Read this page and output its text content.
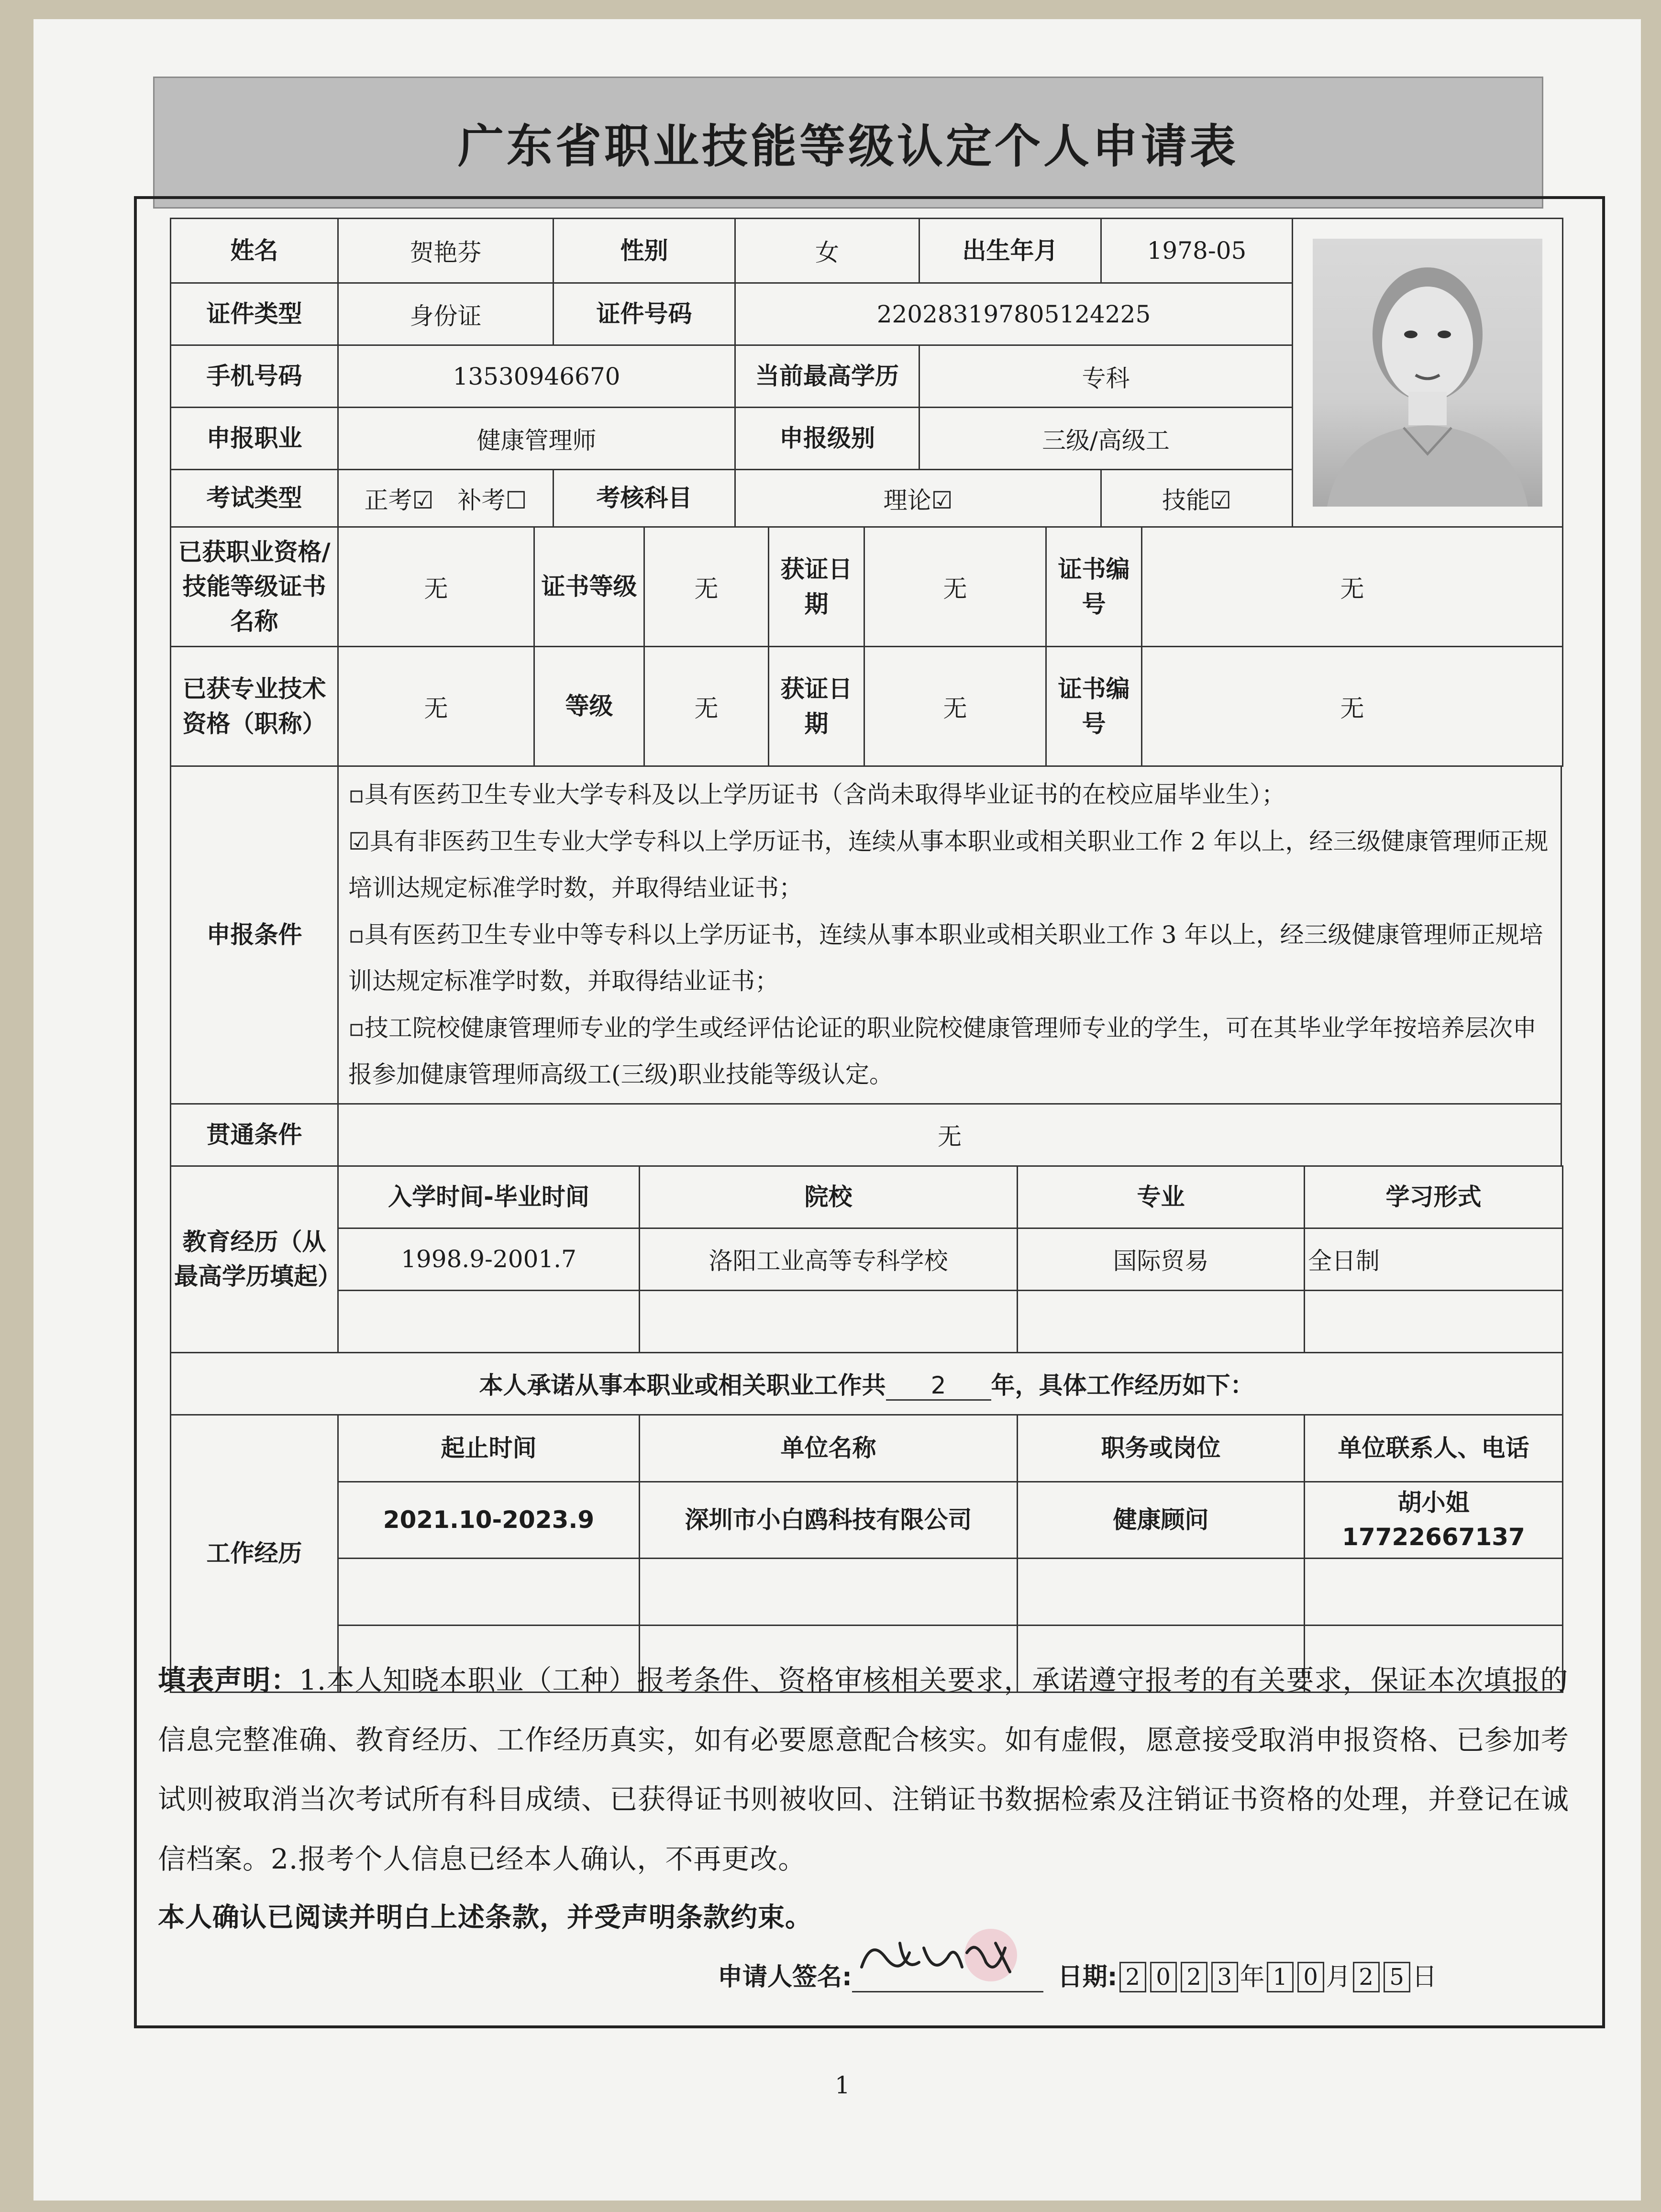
广东省职业技能等级认定个人申请表
姓名	贺艳芬	性别	女	出生年月	1978-05	

证件类型	身份证	证件号码	220283197805124225			
手机号码	13530946670		当前最高学历	专科		
申报职业	健康管理师		申报级别	三级/高级工		
考试类型	正考☑　补考☐	考核科目	理论☑		技能☑	
已获职业资格/技能等级证书名称	无	证书等级	无	获证日期	无	证书编号	无
已获专业技术资格（职称）	无	等级	无	获证日期	无	证书编号	无
申报条件	▫具有医药卫生专业大学专科及以上学历证书（含尚未取得毕业证书的在校应届毕业生）；
☑具有非医药卫生专业大学专科以上学历证书，连续从事本职业或相关职业工作 2 年以上，经三级健康管理师正规培训达规定标准学时数，并取得结业证书；
▫具有医药卫生专业中等专科以上学历证书，连续从事本职业或相关职业工作 3 年以上，经三级健康管理师正规培训达规定标准学时数，并取得结业证书；
▫技工院校健康管理师专业的学生或经评估论证的职业院校健康管理师专业的学生，可在其毕业学年按培养层次申报参加健康管理师高级工(三级)职业技能等级认定。

贯通条件	无
教育经历（从最高学历填起）	入学时间-毕业时间	院校	专业	学习形式
	1998.9-2001.7	洛阳工业高等专科学校	国际贸易	全日制

本人承诺从事本职业或相关职业工作共 2 年，具体工作经历如下：				
工作经历	起止时间	单位名称	职务或岗位	单位联系人、电话
	2021.10-2023.9	深圳市小白鸥科技有限公司	健康顾问	胡小姐 17722667137

填表声明：1.本人知晓本职业（工种）报考条件、资格审核相关要求，承诺遵守报考的有关要求，保证本次填报的信息完整准确、教育经历、工作经历真实，如有必要愿意配合核实。如有虚假，愿意接受取消申报资格、已参加考试则被取消当次考试所有科目成绩、已获得证书则被收回、注销证书数据检索及注销证书资格的处理，并登记在诚信档案。2.报考个人信息已经本人确认，不再更改。
本人确认已阅读并明白上述条款，并受声明条款约束。
申请人签名:	日期: 2 0 2 3 年 1 0 月 2 5 日
1
